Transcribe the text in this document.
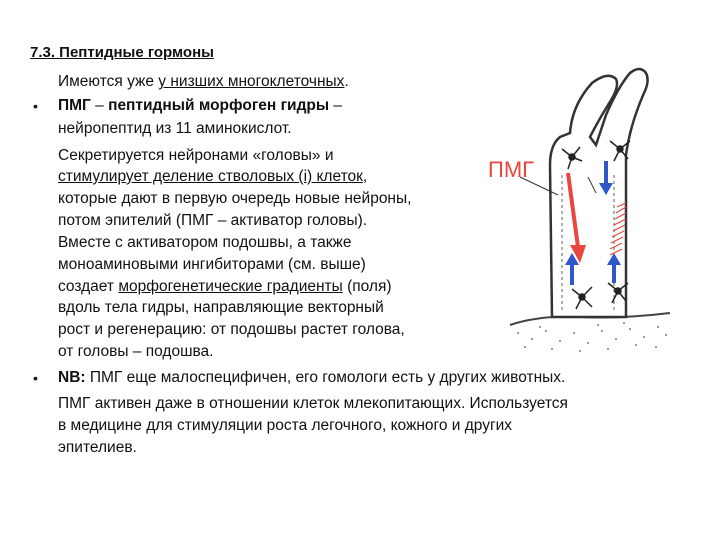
7.3. Пептидные гормоны
Имеются уже у низших многоклеточных.
• ПМГ – пептидный морфоген гидры –
нейропептид из 11 аминокислот.
Секретируется нейронами «головы» и
стимулирует деление стволовых (i) клеток,
которые дают в первую очередь новые нейроны,
потом эпителий (ПМГ – активатор головы).
Вместе с активатором подошвы, а также
моноаминовыми ингибиторами (см. выше)
создает морфогенетические градиенты (поля)
вдоль тела гидры, направляющие векторный
рост и регенерацию: от подошвы растет голова,
от головы – подошва.
• NB: ПМГ еще малоспецифичен, его гомологи есть у других животных.
ПМГ активен даже в отношении клеток млекопитающих. Используется
в медицине для стимуляции роста легочного, кожного и других
эпителиев.
ПМГ
